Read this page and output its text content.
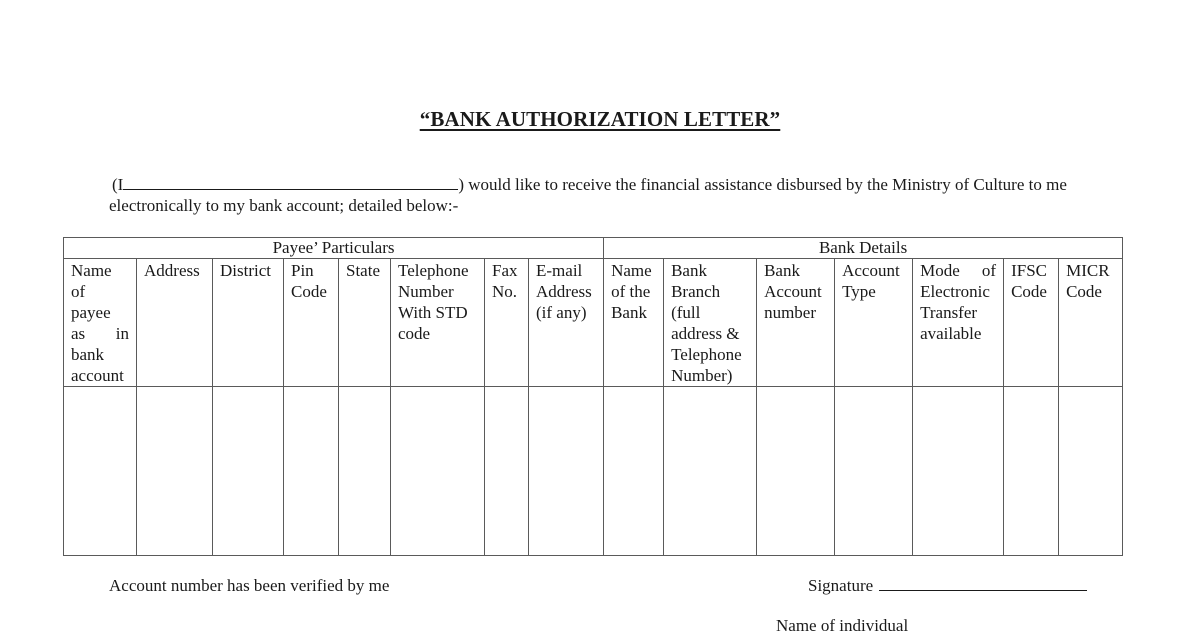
“BANK AUTHORIZATION LETTER”
(I	) would like to receive the financial assistance disbursed by the Ministry of Culture to me electronically to my bank account; detailed below:-
Payee’ Particulars								Bank Details						
Name of payee as in bank account	Address	District	Pin Code	State	Telephone Number With STD code	Fax No.	E-mail Address (if any)	Name of the Bank	Bank Branch (full address & Telephone Number)	Bank Account number	Account Type	Mode of Electronic Transfer available	IFSC Code	MICR Code

Account number has been verified by me	Signature
Name of individual
